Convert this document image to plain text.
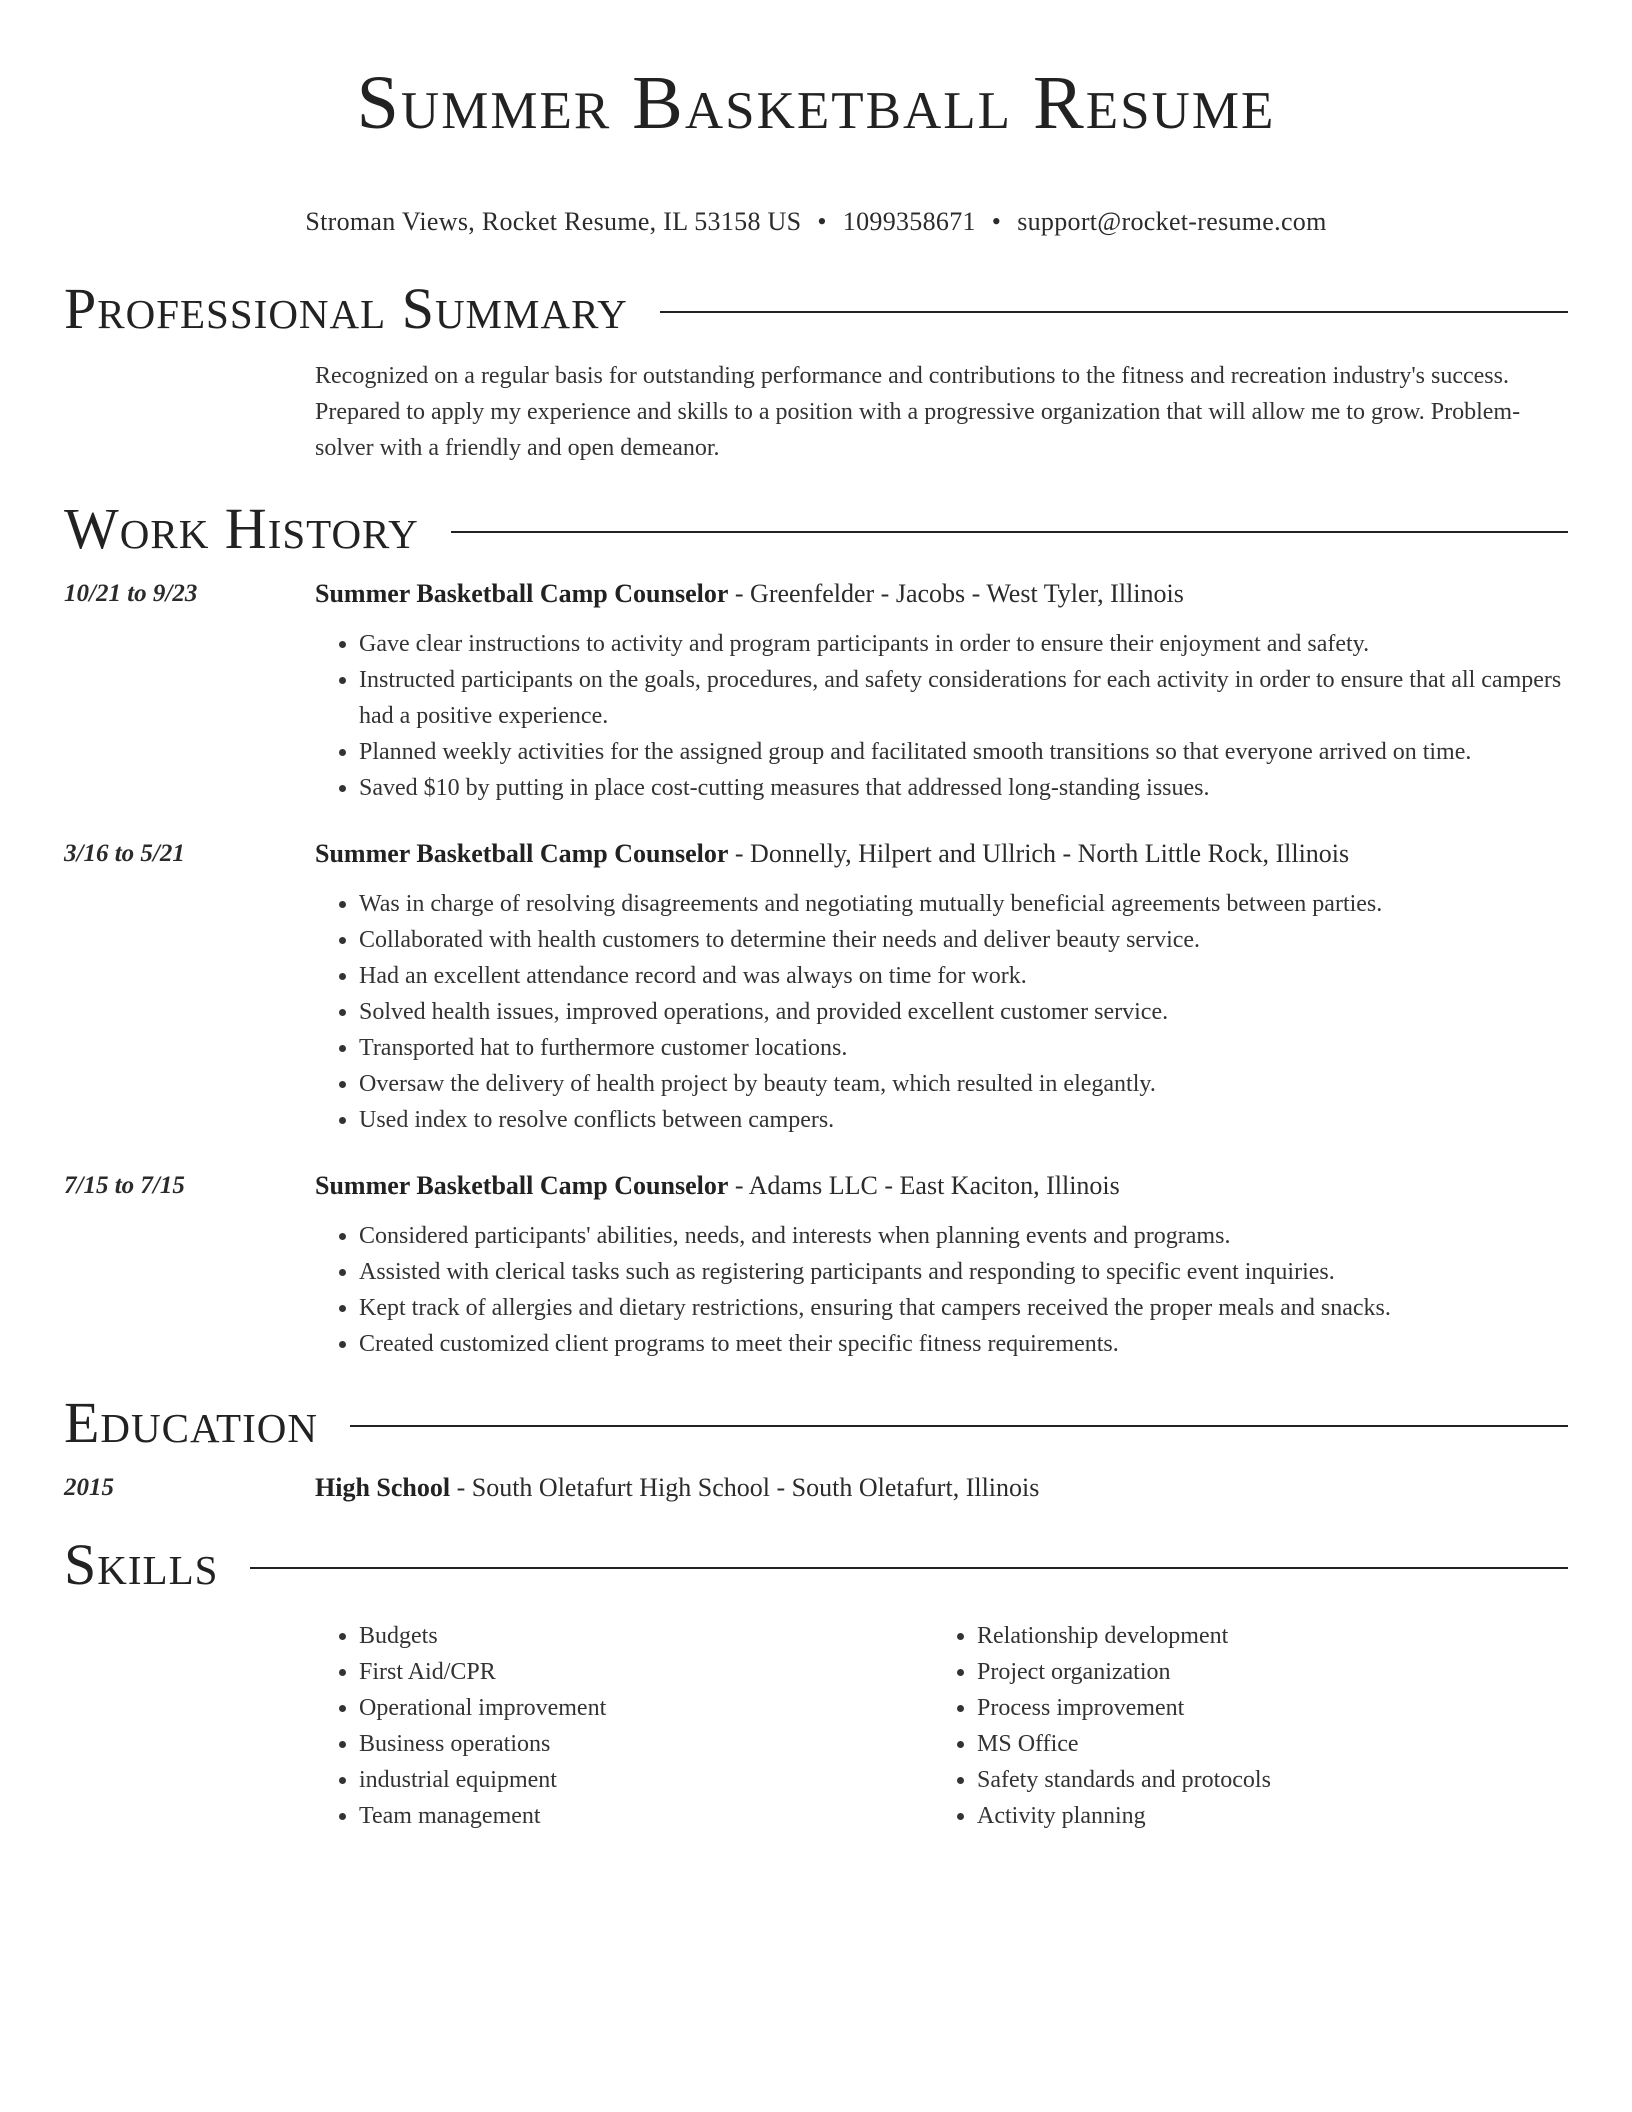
Summer Basketball Resume
Stroman Views, Rocket Resume, IL 53158 US • 1099358671 • support@rocket-resume.com
Professional Summary

Recognized on a regular basis for outstanding performance and contributions to the fitness and recreation industry's success. Prepared to apply my experience and skills to a position with a progressive organization that will allow me to grow. Problem-solver with a friendly and open demeanor.

Work History
10/21 to 9/23	Summer Basketball Camp Counselor - Greenfelder - Jacobs - West Tyler, Illinois
• Gave clear instructions to activity and program participants in order to ensure their enjoyment and safety.
• Instructed participants on the goals, procedures, and safety considerations for each activity in order to ensure that all campers had a positive experience.
• Planned weekly activities for the assigned group and facilitated smooth transitions so that everyone arrived on time.
• Saved $10 by putting in place cost-cutting measures that addressed long-standing issues.
3/16 to 5/21	Summer Basketball Camp Counselor - Donnelly, Hilpert and Ullrich - North Little Rock, Illinois
• Was in charge of resolving disagreements and negotiating mutually beneficial agreements between parties.
• Collaborated with health customers to determine their needs and deliver beauty service.
• Had an excellent attendance record and was always on time for work.
• Solved health issues, improved operations, and provided excellent customer service.
• Transported hat to furthermore customer locations.
• Oversaw the delivery of health project by beauty team, which resulted in elegantly.
• Used index to resolve conflicts between campers.
7/15 to 7/15	Summer Basketball Camp Counselor - Adams LLC - East Kaciton, Illinois
• Considered participants' abilities, needs, and interests when planning events and programs.
• Assisted with clerical tasks such as registering participants and responding to specific event inquiries.
• Kept track of allergies and dietary restrictions, ensuring that campers received the proper meals and snacks.
• Created customized client programs to meet their specific fitness requirements.
Education
2015	High School - South Oletafurt High School - South Oletafurt, Illinois
Skills
• Budgets
• First Aid/CPR
• Operational improvement
• Business operations
• industrial equipment
• Team management
• Relationship development
• Project organization
• Process improvement
• MS Office
• Safety standards and protocols
• Activity planning
